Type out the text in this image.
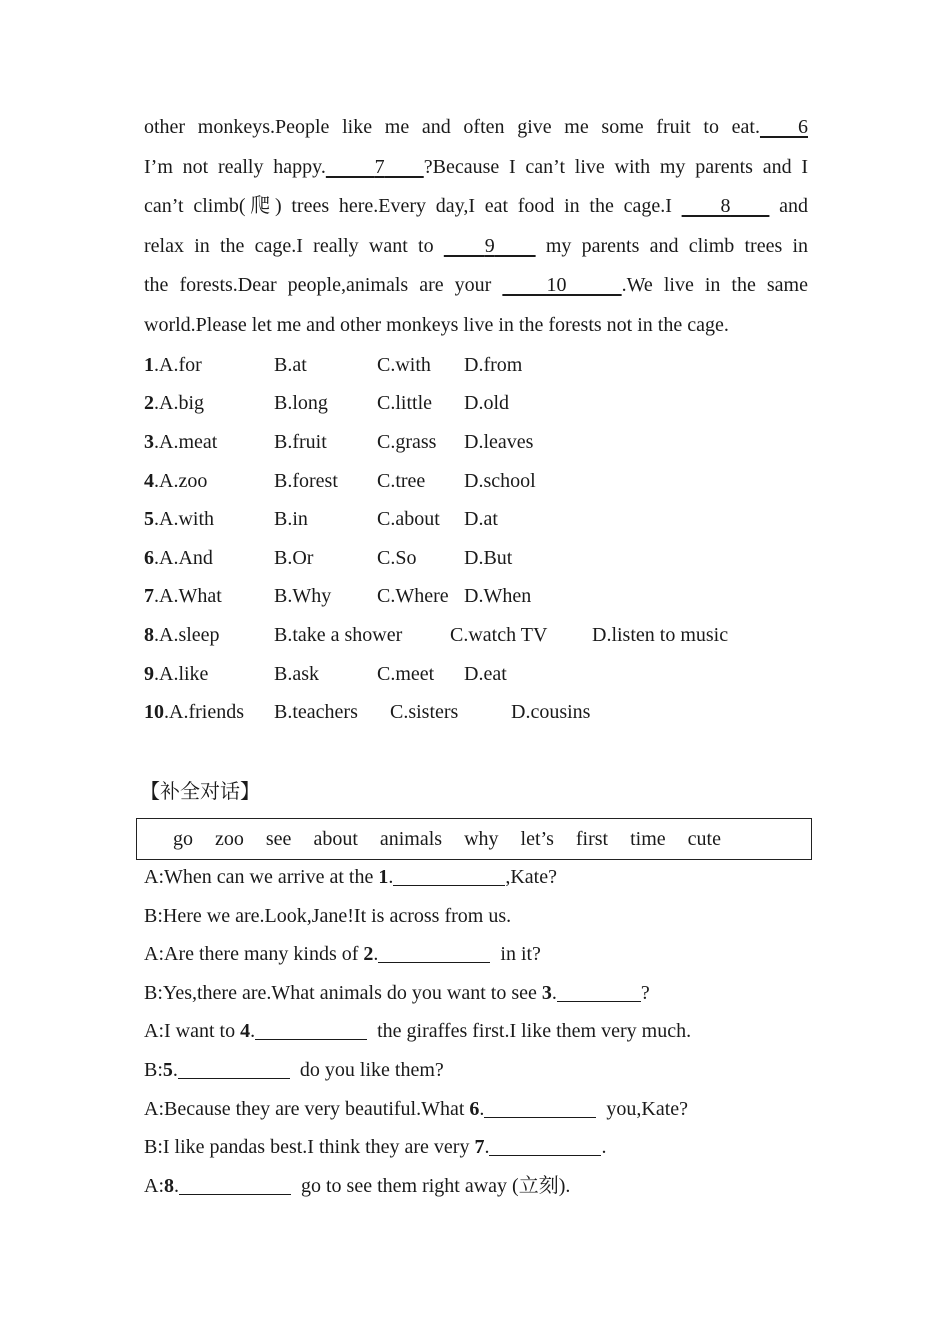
other monkeys.People like me and often give me some fruit to eat. 6
I’m not really happy. 7 ?Because I can’t live with my parents and I
can’t climb(爬) trees here.Every day,I eat food in the cage.I 8 and
relax in the cage.I really want to	9	my parents and climb trees in
the forests.Dear people,animals are your	10	.We live in the same
world.Please let me and other monkeys live in the forests not in the cage.
1.A.for	B.at	C.with	D.from
2.A.big	B.long	C.little	D.old
3.A.meat	B.fruit	C.grass	D.leaves
4.A.zoo	B.forest	C.tree	D.school
5.A.with	B.in	C.about	D.at
6.A.And	B.Or	C.So	D.But
7.A.What	B.Why	C.Where D.When
8.A.sleep	B.take a shower	C.watch TV	D.listen to music
9.A.like	B.ask	C.meet	D.eat
10.A.friends	B.teachers	C.sisters	D.cousins
【补全对话】
go zoo see about animals why let’s first time cute
A:When can we arrive at the 1.	,Kate?
B:Here we are.Look,Jane!It is across from us.
A:Are there many kinds of 2.	in it?
B:Yes,there are.What animals do you want to see 3.	?
A:I want to 4.	the giraffes first.I like them very much.
B:5.	do you like them?
A:Because they are very beautiful.What 6.	you,Kate?
B:I like pandas best.I think they are very 7.	.
A:8.	go to see them right away (立刻).
